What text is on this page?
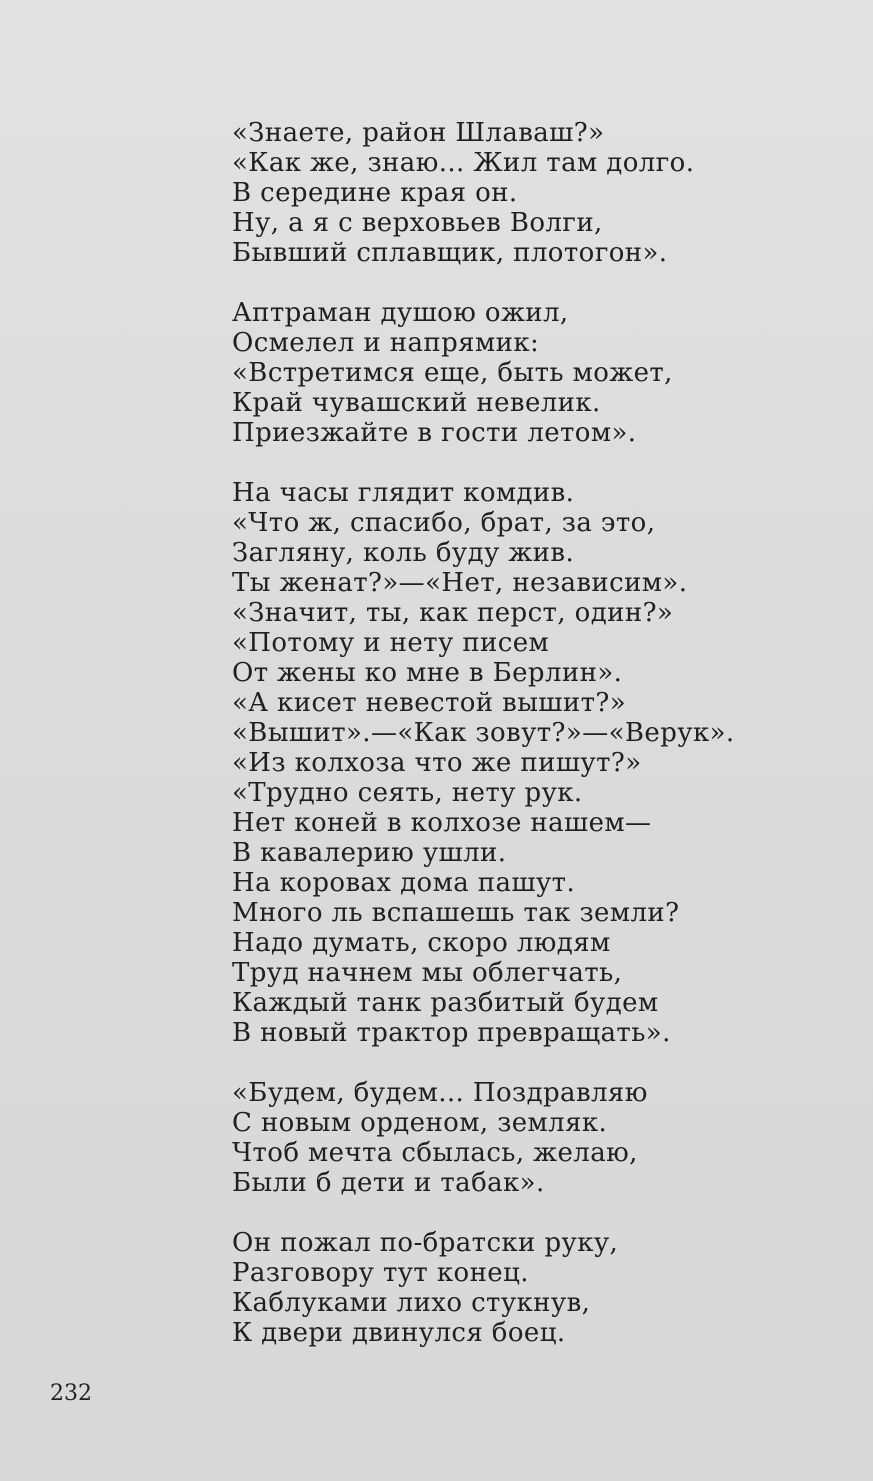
«Знаете, район Шлаваш?»
«Как же, знаю... Жил там долго.
В середине края он.
Ну, а я с верховьев Волги,
Бывший сплавщик, плотогон».
Аптраман душою ожил,
Осмелел и напрямик:
«Встретимся еще, быть может,
Край чувашский невелик.
Приезжайте в гости летом».
На часы глядит комдив.
«Что ж, спасибо, брат, за это,
Загляну, коль буду жив.
Ты женат?»—«Нет, независим».
«Значит, ты, как перст, один?»
«Потому и нету писем
От жены ко мне в Берлин».
«А кисет невестой вышит?»
«Вышит».—«Как зовут?»—«Верук».
«Из колхоза что же пишут?»
«Трудно сеять, нету рук.
Нет коней в колхозе нашем—
В кавалерию ушли.
На коровах дома пашут.
Много ль вспашешь так земли?
Надо думать, скоро людям
Труд начнем мы облегчать,
Каждый танк разбитый будем
В новый трактор превращать».
«Будем, будем... Поздравляю
С новым орденом, земляк.
Чтоб мечта сбылась, желаю,
Были б дети и табак».
Он пожал по-братски руку,
Разговору тут конец.
Каблуками лихо стукнув,
К двери двинулся боец.
232
